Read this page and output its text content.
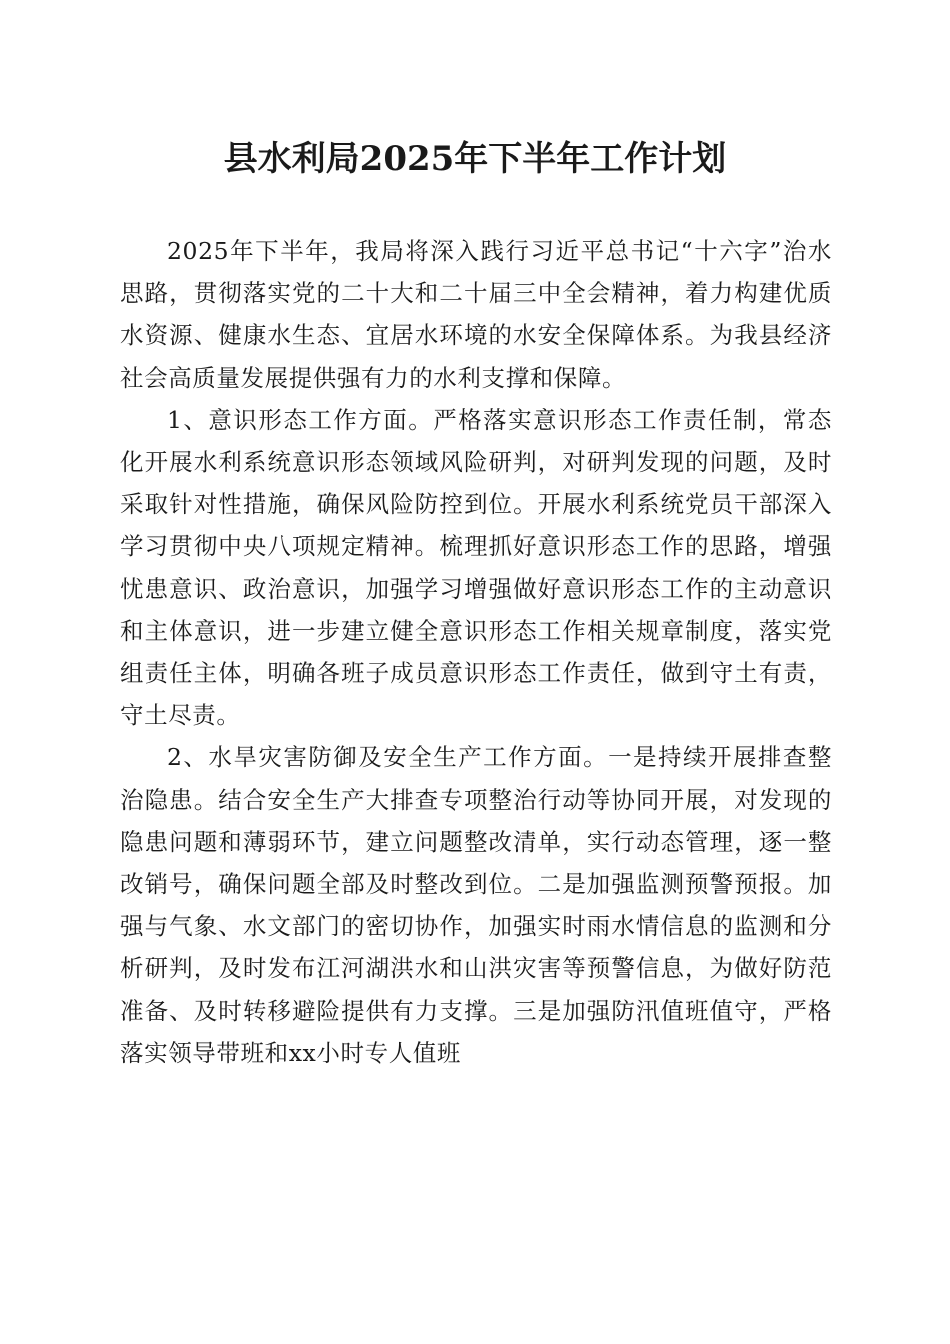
县水利局2025年下半年工作计划

2025年下半年，我局将深入践行习近平总书记“十六字”治水思路，贯彻落实党的二十大和二十届三中全会精神，着力构建优质水资源、健康水生态、宜居水环境的水安全保障体系。为我县经济社会高质量发展提供强有力的水利支撑和保障。

1、意识形态工作方面。严格落实意识形态工作责任制，常态化开展水利系统意识形态领域风险研判，对研判发现的问题，及时采取针对性措施，确保风险防控到位。开展水利系统党员干部深入学习贯彻中央八项规定精神。梳理抓好意识形态工作的思路，增强忧患意识、政治意识，加强学习增强做好意识形态工作的主动意识和主体意识，进一步建立健全意识形态工作相关规章制度，落实党组责任主体，明确各班子成员意识形态工作责任，做到守土有责，守土尽责。

2、水旱灾害防御及安全生产工作方面。一是持续开展排查整治隐患。结合安全生产大排查专项整治行动等协同开展，对发现的隐患问题和薄弱环节，建立问题整改清单，实行动态管理，逐一整改销号，确保问题全部及时整改到位。二是加强监测预警预报。加强与气象、水文部门的密切协作，加强实时雨水情信息的监测和分析研判，及时发布江河湖洪水和山洪灾害等预警信息，为做好防范准备、及时转移避险提供有力支撑。三是加强防汛值班值守，严格落实领导带班和xx小时专人值班
